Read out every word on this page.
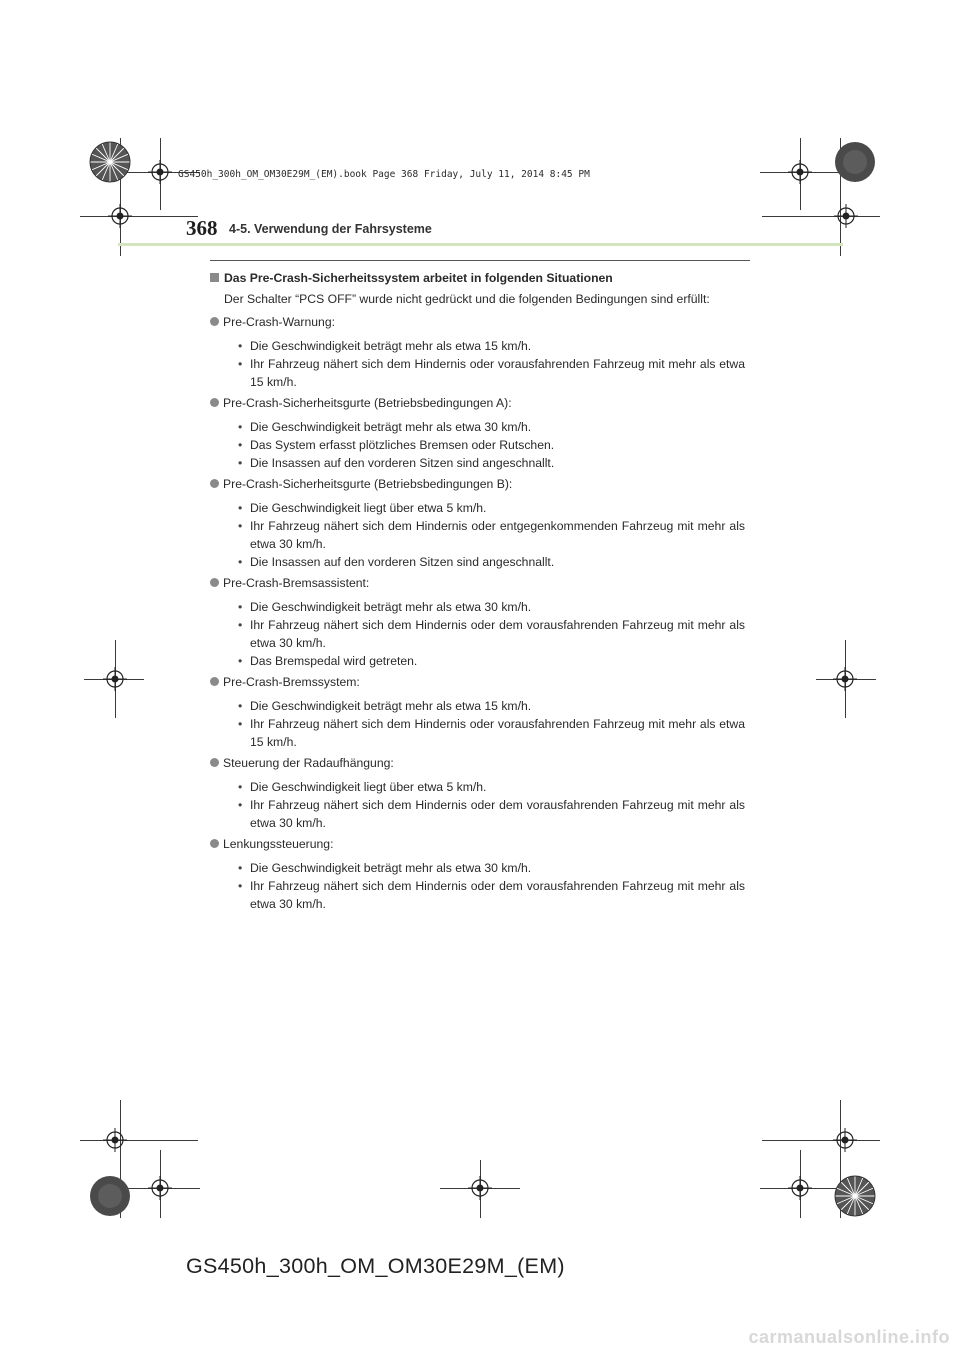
GS450h_300h_OM_OM30E29M_(EM).book Page 368 Friday, July 11, 2014 8:45 PM
368 4-5. Verwendung der Fahrsysteme

Das Pre-Crash-Sicherheitssystem arbeitet in folgenden Situationen

Der Schalter “PCS OFF” wurde nicht gedrückt und die folgenden Bedingungen sind erfüllt:

Pre-Crash-Warnung:

• Die Geschwindigkeit beträgt mehr als etwa 15 km/h.
• Ihr Fahrzeug nähert sich dem Hindernis oder vorausfahrenden Fahrzeug mit mehr als etwa 15 km/h.

Pre-Crash-Sicherheitsgurte (Betriebsbedingungen A):

• Die Geschwindigkeit beträgt mehr als etwa 30 km/h.
• Das System erfasst plötzliches Bremsen oder Rutschen.
• Die Insassen auf den vorderen Sitzen sind angeschnallt.

Pre-Crash-Sicherheitsgurte (Betriebsbedingungen B):

• Die Geschwindigkeit liegt über etwa 5 km/h.
• Ihr Fahrzeug nähert sich dem Hindernis oder entgegenkommenden Fahrzeug mit mehr als etwa 30 km/h.
• Die Insassen auf den vorderen Sitzen sind angeschnallt.

Pre-Crash-Bremsassistent:

• Die Geschwindigkeit beträgt mehr als etwa 30 km/h.
• Ihr Fahrzeug nähert sich dem Hindernis oder dem vorausfahrenden Fahrzeug mit mehr als etwa 30 km/h.
• Das Bremspedal wird getreten.

Pre-Crash-Bremssystem:

• Die Geschwindigkeit beträgt mehr als etwa 15 km/h.
• Ihr Fahrzeug nähert sich dem Hindernis oder vorausfahrenden Fahrzeug mit mehr als etwa 15 km/h.

Steuerung der Radaufhängung:

• Die Geschwindigkeit liegt über etwa 5 km/h.
• Ihr Fahrzeug nähert sich dem Hindernis oder dem vorausfahrenden Fahrzeug mit mehr als etwa 30 km/h.

Lenkungssteuerung:

• Die Geschwindigkeit beträgt mehr als etwa 30 km/h.
• Ihr Fahrzeug nähert sich dem Hindernis oder dem vorausfahrenden Fahrzeug mit mehr als etwa 30 km/h.
GS450h_300h_OM_OM30E29M_(EM)
carmanualsonline.info
